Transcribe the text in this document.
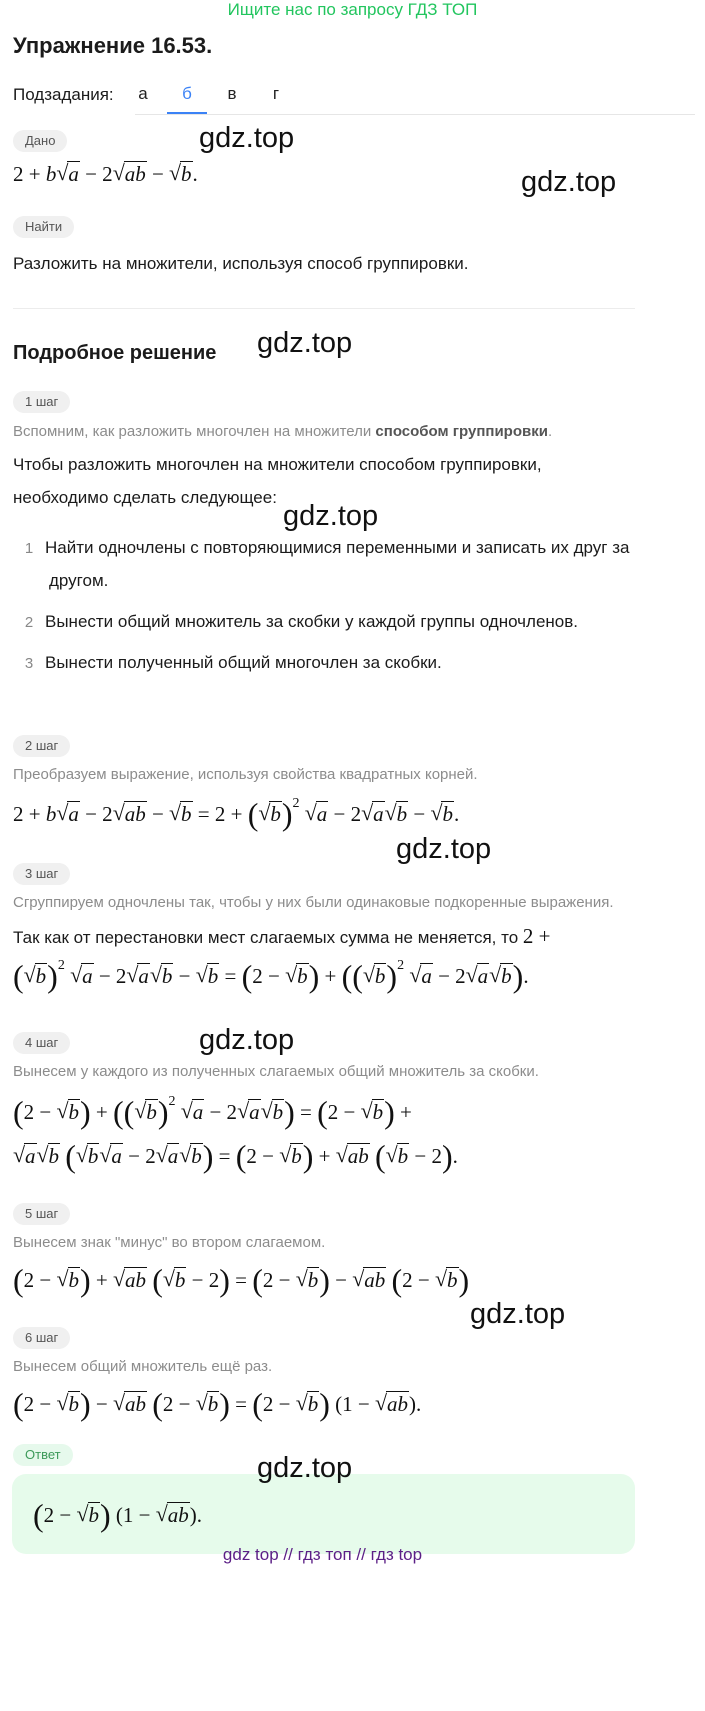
Ищите нас по запросу ГДЗ ТОП
Упражнение 16.53.
Подзадания:	а	б	в	г
Дано
2 + b √ a − 2 √ ab − √ b.
Найти
Разложить на множители, используя способ группировки.
Подробное решение
1 шаг
Вспомним, как разложить многочлен на множители способом группировки.
Чтобы разложить многочлен на множители способом группировки,
необходимо сделать следующее:
1 Найти одночлены с повторяющимися переменными и записать их друг за
другом.
2 Вынести общий множитель за скобки у каждой группы одночленов.
3 Вынести полученный общий многочлен за скобки.
2 шаг
Преобразуем выражение, используя свойства квадратных корней.
2 + b √ a − 2 √ ab − √ b = 2 + ( √ b)$^2$ √ a − 2 √ a √ b − √ b.
3 шаг
Сгруппируем одночлены так, чтобы у них были одинаковые подкоренные выражения.
Так как от перестановки мест слагаемых сумма не меняется, то 2 +
( √ b)$^2$ √ a − 2 √ a √ b − √ b = (2 − √ b) + (( √ b)$^2$ √ a − 2 √ a √ b).
4 шаг
Вынесем у каждого из полученных слагаемых общий множитель за скобки.
(2 − √ b) + (( √ b)$^2$ √ a − 2 √ a √ b) = (2 − √ b) +
√ a √ b ( √ b √ a − 2 √ a √ b) = (2 − √ b) + √ ab ( √ b − 2).
5 шаг
Вынесем знак "минус" во втором слагаемом.
(2 − √ b) + √ ab ( √ b − 2) = (2 − √ b) − √ ab (2 − √ b)
6 шаг
Вынесем общий множитель ещё раз.
(2 − √ b) − √ ab (2 − √ b) = (2 − √ b) (1 − √ ab).
Ответ
(2 − √ b) (1 − √ ab).
gdz.top
gdz.top
gdz.top
gdz.top
gdz.top
gdz.top
gdz.top
gdz.top
gdz top // гдз топ // гдз top
